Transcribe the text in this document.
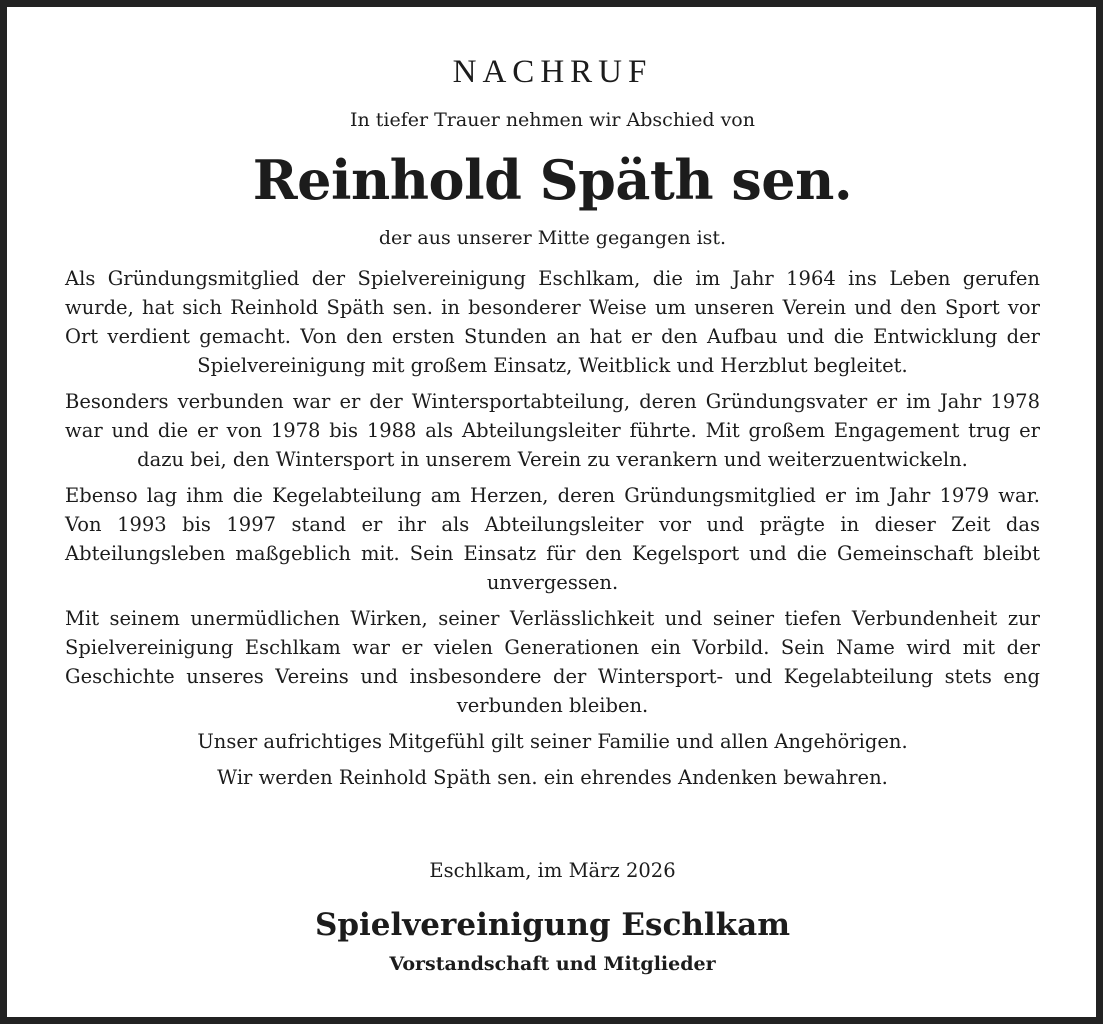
NACHRUF
In tiefer Trauer nehmen wir Abschied von
Reinhold Späth sen.
der aus unserer Mitte gegangen ist.

Als Gründungsmitglied der Spielvereinigung Eschlkam, die im Jahr 1964 ins Leben gerufen wurde, hat sich Reinhold Späth sen. in besonderer Weise um unseren Verein und den Sport vor Ort verdient gemacht. Von den ersten Stunden an hat er den Aufbau und die Entwicklung der Spielvereinigung mit großem Einsatz, Weitblick und Herzblut begleitet.

Besonders verbunden war er der Wintersportabteilung, deren Gründungsvater er im Jahr 1978 war und die er von 1978 bis 1988 als Abteilungsleiter führte. Mit großem Engagement trug er dazu bei, den Wintersport in unserem Verein zu verankern und weiterzuentwickeln.

Ebenso lag ihm die Kegelabteilung am Herzen, deren Gründungsmitglied er im Jahr 1979 war. Von 1993 bis 1997 stand er ihr als Abteilungsleiter vor und prägte in dieser Zeit das Abteilungsleben maßgeblich mit. Sein Einsatz für den Kegelsport und die Gemeinschaft bleibt unvergessen.

Mit seinem unermüdlichen Wirken, seiner Verlässlichkeit und seiner tiefen Verbundenheit zur Spielvereinigung Eschlkam war er vielen Generationen ein Vorbild. Sein Name wird mit der Geschichte unseres Vereins und insbesondere der Wintersport- und Kegelabteilung stets eng verbunden bleiben.

Unser aufrichtiges Mitgefühl gilt seiner Familie und allen Angehörigen.

Wir werden Reinhold Späth sen. ein ehrendes Andenken bewahren.

Eschlkam, im März 2026
Spielvereinigung Eschlkam
Vorstandschaft und Mitglieder
